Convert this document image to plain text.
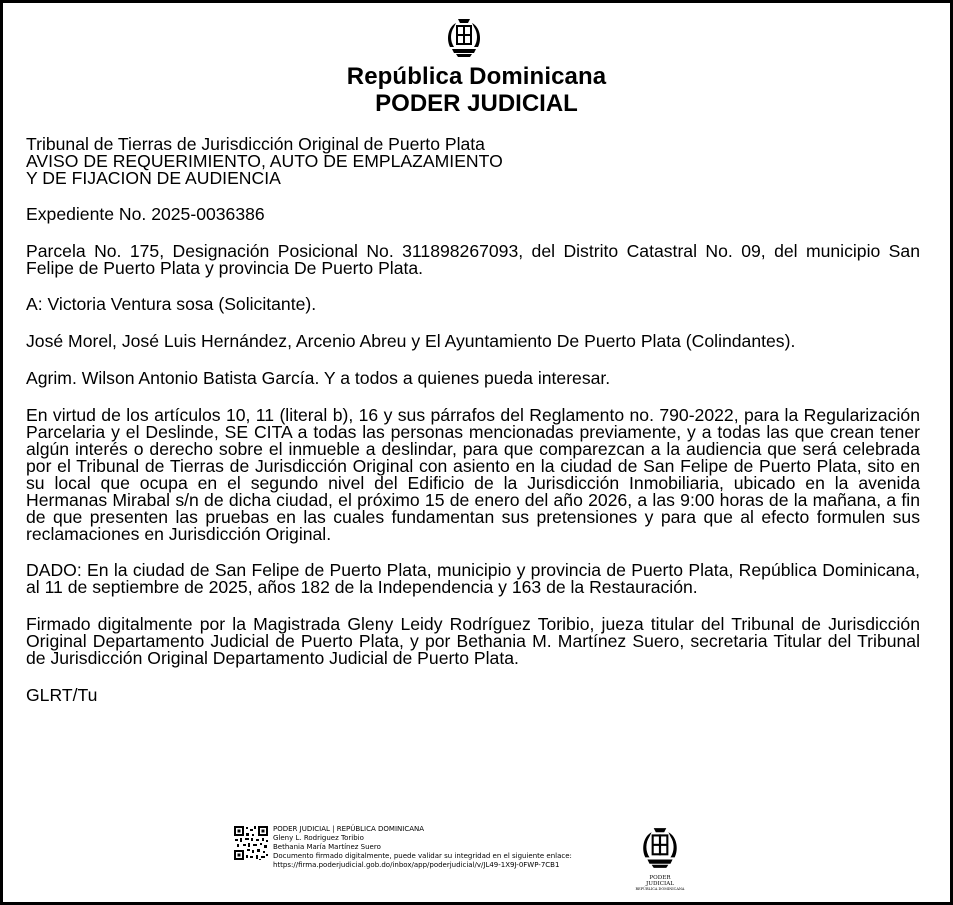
República Dominicana
PODER JUDICIAL

Tribunal de Tierras de Jurisdicción Original de Puerto Plata
AVISO DE REQUERIMIENTO, AUTO DE EMPLAZAMIENTO
Y DE FIJACION DE AUDIENCIA

Expediente No. 2025-0036386

Parcela No. 175, Designación Posicional No. 311898267093, del Distrito Catastral No. 09, del municipio San Felipe de Puerto Plata y provincia De Puerto Plata.

A: Victoria Ventura sosa (Solicitante).

José Morel, José Luis Hernández, Arcenio Abreu y El Ayuntamiento De Puerto Plata (Colindantes).

Agrim. Wilson Antonio Batista García. Y a todos a quienes pueda interesar.

En virtud de los artículos 10, 11 (literal b), 16 y sus párrafos del Reglamento no. 790-2022, para la Regularización Parcelaria y el Deslinde, SE CITA a todas las personas mencionadas previamente, y a todas las que crean tener algún interés o derecho sobre el inmueble a deslindar, para que comparezcan a la audiencia que será celebrada por el Tribunal de Tierras de Jurisdicción Original con asiento en la ciudad de San Felipe de Puerto Plata, sito en su local que ocupa en el segundo nivel del Edificio de la Jurisdicción Inmobiliaria, ubicado en la avenida Hermanas Mirabal s/n de dicha ciudad, el próximo 15 de enero del año 2026, a las 9:00 horas de la mañana, a fin de que presenten las pruebas en las cuales fundamentan sus pretensiones y para que al efecto formulen sus reclamaciones en Jurisdicción Original.

DADO: En la ciudad de San Felipe de Puerto Plata, municipio y provincia de Puerto Plata, República Dominicana, al 11 de septiembre de 2025, años 182 de la Independencia y 163 de la Restauración.

Firmado digitalmente por la Magistrada Gleny Leidy Rodríguez Toribio, jueza titular del Tribunal de Jurisdicción Original Departamento Judicial de Puerto Plata, y por Bethania M. Martínez Suero, secretaria Titular del Tribunal de Jurisdicción Original Departamento Judicial de Puerto Plata.

GLRT/Tu

PODER JUDICIAL | REPÚBLICA DOMINICANA
Gleny L. Rodriguez Toribio
Bethania María Martínez Suero
Documento firmado digitalmente, puede validar su integridad en el siguiente enlace:
https://firma.poderjudicial.gob.do/inbox/app/poderjudicial/v/JL49-1X9J-0FWP-7CB1
PODER JUDICIAL
REPÚBLICA DOMINICANA
